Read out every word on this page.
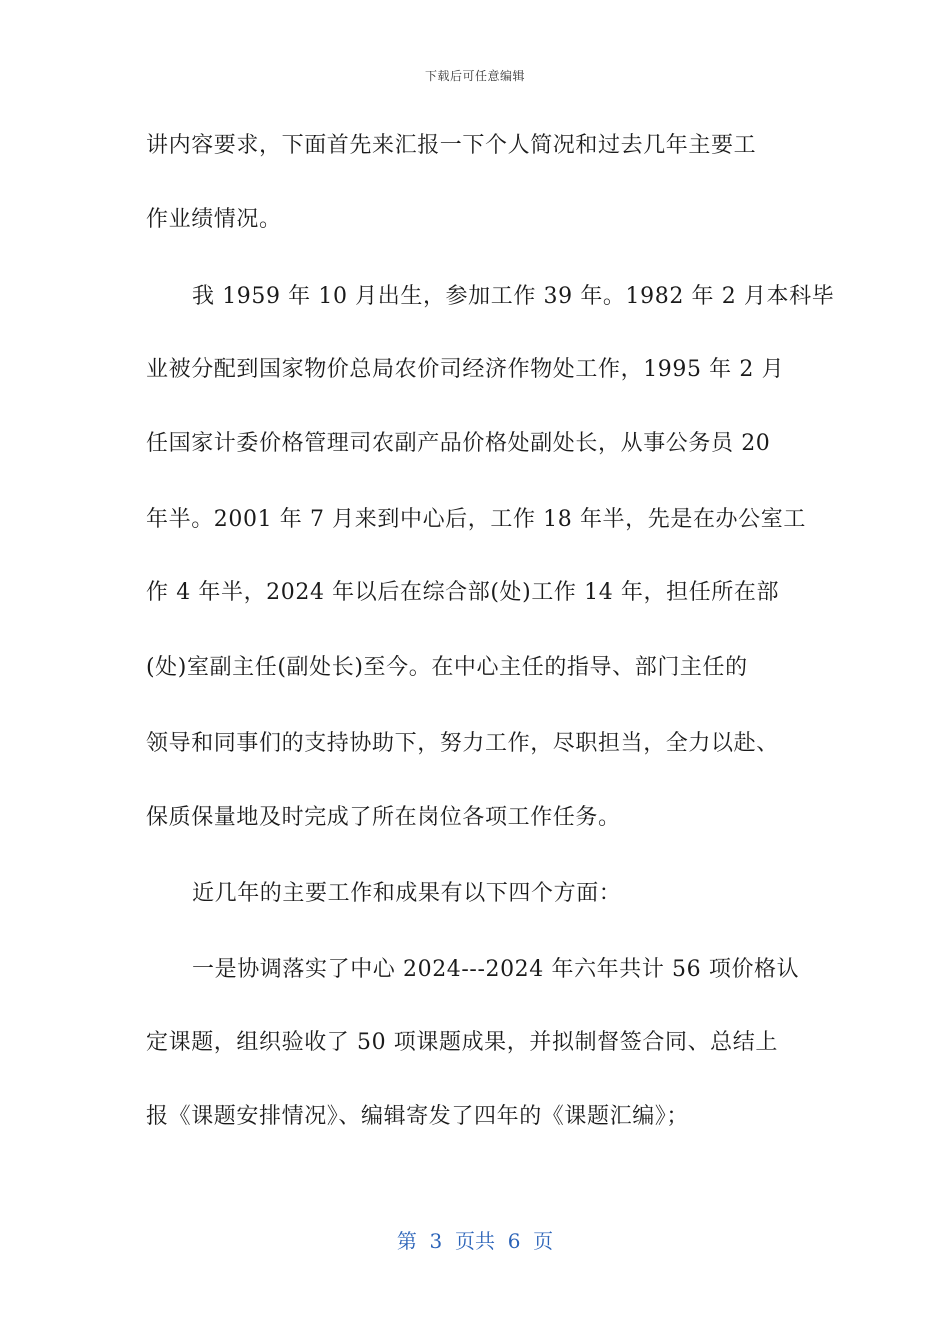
下载后可任意编辑
讲内容要求，下面首先来汇报一下个人简况和过去几年主要工
作业绩情况。
我 1959 年 10 月出生，参加工作 39 年。1982 年 2 月本科毕
业被分配到国家物价总局农价司经济作物处工作，1995 年 2 月
任国家计委价格管理司农副产品价格处副处长，从事公务员 20
年半。2001 年 7 月来到中心后，工作 18 年半，先是在办公室工
作 4 年半，2024 年以后在综合部(处)工作 14 年，担任所在部
(处)室副主任(副处长)至今。在中心主任的指导、部门主任的
领导和同事们的支持协助下，努力工作，尽职担当，全力以赴、
保质保量地及时完成了所在岗位各项工作任务。
近几年的主要工作和成果有以下四个方面：
一是协调落实了中心 2024---2024 年六年共计 56 项价格认
定课题，组织验收了 50 项课题成果，并拟制督签合同、总结上
报《课题安排情况》、编辑寄发了四年的《课题汇编》；
第  3  页共  6  页
